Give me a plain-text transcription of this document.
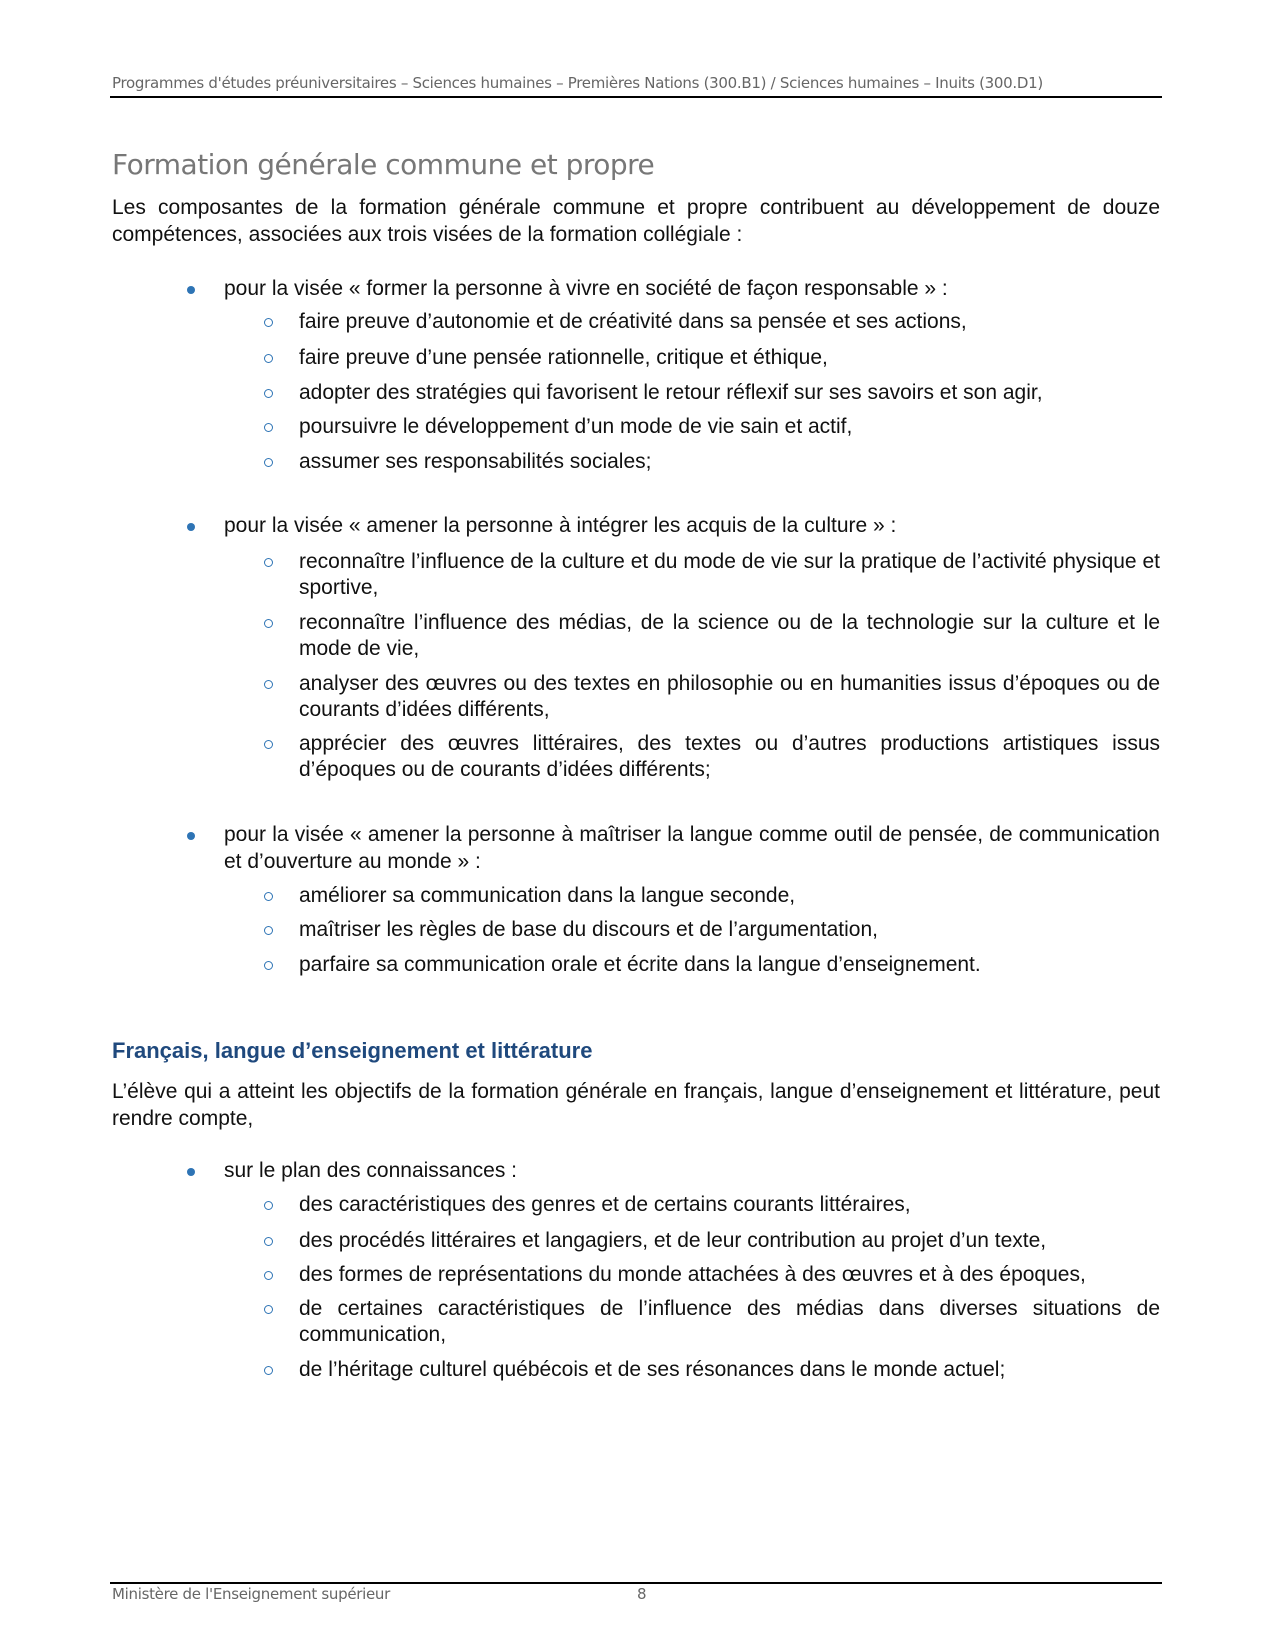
Programmes d'études préuniversitaires – Sciences humaines – Premières Nations (300.B1) / Sciences humaines – Inuits (300.D1)
Formation générale commune et propre
Les composantes de la formation générale commune et propre contribuent au développement de douze compétences, associées aux trois visées de la formation collégiale :
pour la visée « former la personne à vivre en société de façon responsable » :
faire preuve d’autonomie et de créativité dans sa pensée et ses actions,
faire preuve d’une pensée rationnelle, critique et éthique,
adopter des stratégies qui favorisent le retour réflexif sur ses savoirs et son agir,
poursuivre le développement d’un mode de vie sain et actif,
assumer ses responsabilités sociales;
pour la visée « amener la personne à intégrer les acquis de la culture » :
reconnaître l’influence de la culture et du mode de vie sur la pratique de l’activité physique et sportive,
reconnaître l’influence des médias, de la science ou de la technologie sur la culture et le mode de vie,
analyser des œuvres ou des textes en philosophie ou en humanities issus d’époques ou de courants d’idées différents,
apprécier des œuvres littéraires, des textes ou d’autres productions artistiques issus d’époques ou de courants d’idées différents;
pour la visée « amener la personne à maîtriser la langue comme outil de pensée, de communication et d’ouverture au monde » :
améliorer sa communication dans la langue seconde,
maîtriser les règles de base du discours et de l’argumentation,
parfaire sa communication orale et écrite dans la langue d’enseignement.
Français, langue d’enseignement et littérature
L’élève qui a atteint les objectifs de la formation générale en français, langue d’enseignement et littérature, peut rendre compte,
sur le plan des connaissances :
des caractéristiques des genres et de certains courants littéraires,
des procédés littéraires et langagiers, et de leur contribution au projet d’un texte,
des formes de représentations du monde attachées à des œuvres et à des époques,
de certaines caractéristiques de l’influence des médias dans diverses situations de communication,
de l’héritage culturel québécois et de ses résonances dans le monde actuel;
Ministère de l'Enseignement supérieur	8
